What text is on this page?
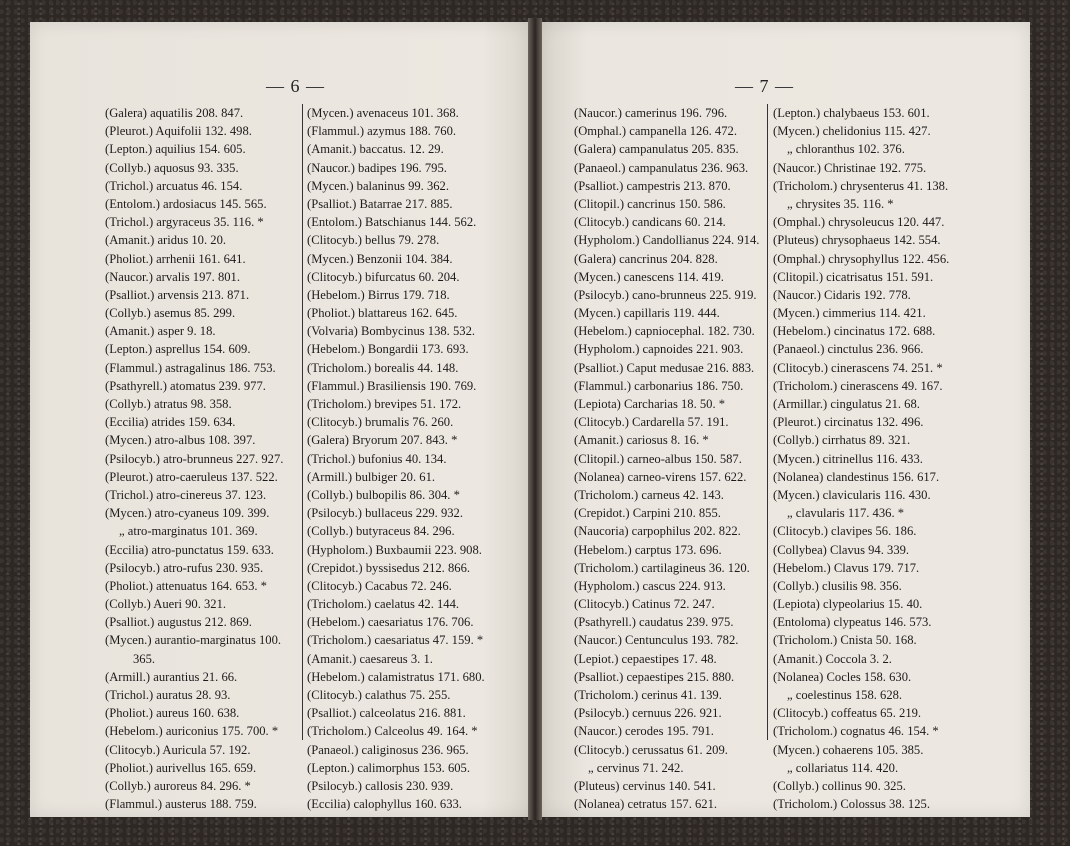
— 6 —	— 7 —
(Galera) aquatilis 208. 847.
(Pleurot.) Aquifolii 132. 498.
(Lepton.) aquilius 154. 605.
(Collyb.) aquosus 93. 335.
(Trichol.) arcuatus 46. 154.
(Entolom.) ardosiacus 145. 565.
(Trichol.) argyraceus 35. 116. *
(Amanit.) aridus 10. 20.
(Pholiot.) arrhenii 161. 641.
(Naucor.) arvalis 197. 801.
(Psalliot.) arvensis 213. 871.
(Collyb.) asemus 85. 299.
(Amanit.) asper 9. 18.
(Lepton.) asprellus 154. 609.
(Flammul.) astragalinus 186. 753.
(Psathyrell.) atomatus 239. 977.
(Collyb.) atratus 98. 358.
(Eccilia) atrides 159. 634.
(Mycen.) atro-albus 108. 397.
(Psilocyb.) atro-brunneus 227. 927.
(Pleurot.) atro-caeruleus 137. 522.
(Trichol.) atro-cinereus 37. 123.
(Mycen.) atro-cyaneus 109. 399.
„ atro-marginatus 101. 369.
(Eccilia) atro-punctatus 159. 633.
(Psilocyb.) atro-rufus 230. 935.
(Pholiot.) attenuatus 164. 653. *
(Collyb.) Aueri 90. 321.
(Psalliot.) augustus 212. 869.
(Mycen.) aurantio-marginatus 100.
365.
(Armill.) aurantius 21. 66.
(Trichol.) auratus 28. 93.
(Pholiot.) aureus 160. 638.
(Hebelom.) auriconius 175. 700. *
(Clitocyb.) Auricula 57. 192.
(Pholiot.) aurivellus 165. 659.
(Collyb.) auroreus 84. 296. *
(Flammul.) austerus 188. 759.
(Mycen.) avenaceus 101. 368.
(Flammul.) azymus 188. 760.
(Amanit.) baccatus. 12. 29.
(Naucor.) badipes 196. 795.
(Mycen.) balaninus 99. 362.
(Psalliot.) Batarrae 217. 885.
(Entolom.) Batschianus 144. 562.
(Clitocyb.) bellus 79. 278.
(Mycen.) Benzonii 104. 384.
(Clitocyb.) bifurcatus 60. 204.
(Hebelom.) Birrus 179. 718.
(Pholiot.) blattareus 162. 645.
(Volvaria) Bombycinus 138. 532.
(Hebelom.) Bongardii 173. 693.
(Tricholom.) borealis 44. 148.
(Flammul.) Brasiliensis 190. 769.
(Tricholom.) brevipes 51. 172.
(Clitocyb.) brumalis 76. 260.
(Galera) Bryorum 207. 843. *
(Trichol.) bufonius 40. 134.
(Armill.) bulbiger 20. 61.
(Collyb.) bulbopilis 86. 304. *
(Psilocyb.) bullaceus 229. 932.
(Collyb.) butyraceus 84. 296.
(Hypholom.) Buxbaumii 223. 908.
(Crepidot.) byssisedus 212. 866.
(Clitocyb.) Cacabus 72. 246.
(Tricholom.) caelatus 42. 144.
(Hebelom.) caesariatus 176. 706.
(Tricholom.) caesariatus 47. 159. *
(Amanit.) caesareus 3. 1.
(Hebelom.) calamistratus 171. 680.
(Clitocyb.) calathus 75. 255.
(Psalliot.) calceolatus 216. 881.
(Tricholom.) Calceolus 49. 164. *
(Panaeol.) caliginosus 236. 965.
(Lepton.) calimorphus 153. 605.
(Psilocyb.) callosis 230. 939.
(Eccilia) calophyllus 160. 633.
(Naucor.) camerinus 196. 796.
(Omphal.) campanella 126. 472.
(Galera) campanulatus 205. 835.
(Panaeol.) campanulatus 236. 963.
(Psalliot.) campestris 213. 870.
(Clitopil.) cancrinus 150. 586.
(Clitocyb.) candicans 60. 214.
(Hypholom.) Candollianus 224. 914.
(Galera) cancrinus 204. 828.
(Mycen.) canescens 114. 419.
(Psilocyb.) cano-brunneus 225. 919.
(Mycen.) capillaris 119. 444.
(Hebelom.) capniocephal. 182. 730.
(Hypholom.) capnoides 221. 903.
(Psalliot.) Caput medusae 216. 883.
(Flammul.) carbonarius 186. 750.
(Lepiota) Carcharias 18. 50. *
(Clitocyb.) Cardarella 57. 191.
(Amanit.) cariosus 8. 16. *
(Clitopil.) carneo-albus 150. 587.
(Nolanea) carneo-virens 157. 622.
(Tricholom.) carneus 42. 143.
(Crepidot.) Carpini 210. 855.
(Naucoria) carpophilus 202. 822.
(Hebelom.) carptus 173. 696.
(Tricholom.) cartilagineus 36. 120.
(Hypholom.) cascus 224. 913.
(Clitocyb.) Catinus 72. 247.
(Psathyrell.) caudatus 239. 975.
(Naucor.) Centunculus 193. 782.
(Lepiot.) cepaestipes 17. 48.
(Psalliot.) cepaestipes 215. 880.
(Tricholom.) cerinus 41. 139.
(Psilocyb.) cernuus 226. 921.
(Naucor.) cerodes 195. 791.
(Clitocyb.) cerussatus 61. 209.
„ cervinus 71. 242.
(Pluteus) cervinus 140. 541.
(Nolanea) cetratus 157. 621.
(Lepton.) chalybaeus 153. 601.
(Mycen.) chelidonius 115. 427.
„ chloranthus 102. 376.
(Naucor.) Christinae 192. 775.
(Tricholom.) chrysenterus 41. 138.
„ chrysites 35. 116. *
(Omphal.) chrysoleucus 120. 447.
(Pluteus) chrysophaeus 142. 554.
(Omphal.) chrysophyllus 122. 456.
(Clitopil.) cicatrisatus 151. 591.
(Naucor.) Cidaris 192. 778.
(Mycen.) cimmerius 114. 421.
(Hebelom.) cincinatus 172. 688.
(Panaeol.) cinctulus 236. 966.
(Clitocyb.) cinerascens 74. 251. *
(Tricholom.) cinerascens 49. 167.
(Armillar.) cingulatus 21. 68.
(Pleurot.) circinatus 132. 496.
(Collyb.) cirrhatus 89. 321.
(Mycen.) citrinellus 116. 433.
(Nolanea) clandestinus 156. 617.
(Mycen.) clavicularis 116. 430.
„ clavularis 117. 436. *
(Clitocyb.) clavipes 56. 186.
(Collybea) Clavus 94. 339.
(Hebelom.) Clavus 179. 717.
(Collyb.) clusilis 98. 356.
(Lepiota) clypeolarius 15. 40.
(Entoloma) clypeatus 146. 573.
(Tricholom.) Cnista 50. 168.
(Amanit.) Coccola 3. 2.
(Nolanea) Cocles 158. 630.
„ coelestinus 158. 628.
(Clitocyb.) coffeatus 65. 219.
(Tricholom.) cognatus 46. 154. *
(Mycen.) cohaerens 105. 385.
„ collariatus 114. 420.
(Collyb.) collinus 90. 325.
(Tricholom.) Colossus 38. 125.
